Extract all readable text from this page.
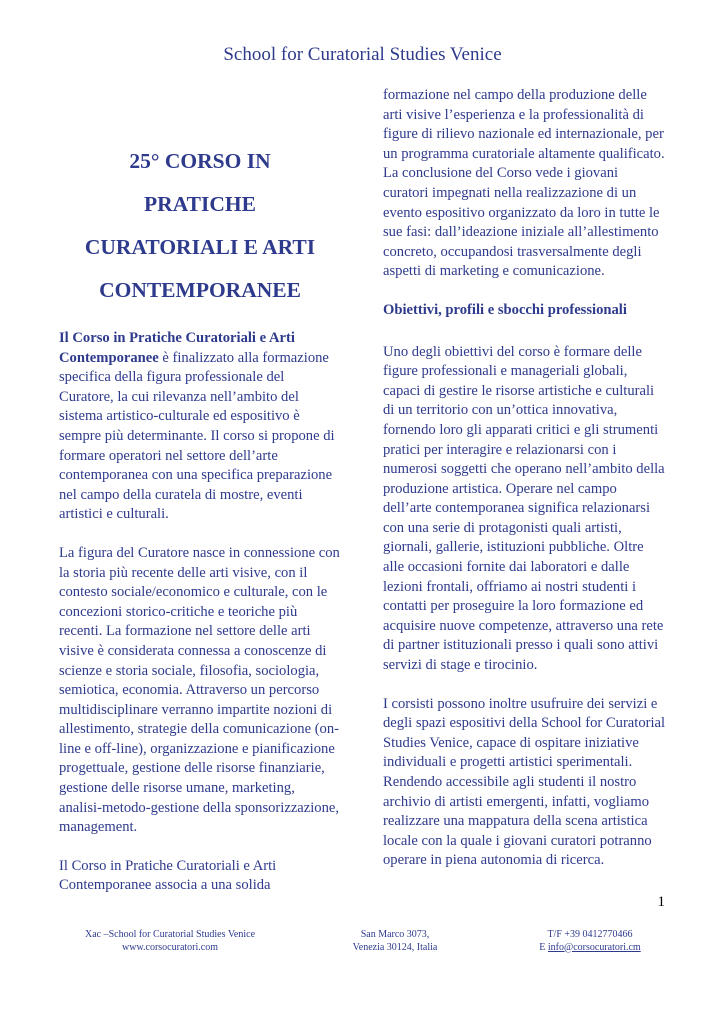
School for Curatorial Studies Venice
25° CORSO IN
PRATICHE
CURATORIALI E ARTI
CONTEMPORANEE

Il Corso in Pratiche Curatoriali e Arti Contemporanee è finalizzato alla formazione specifica della figura professionale del Curatore, la cui rilevanza nell’ambito del sistema artistico-culturale ed espositivo è sempre più determinante. Il corso si propone di formare operatori nel settore dell’arte contemporanea con una specifica preparazione nel campo della curatela di mostre, eventi artistici e culturali.

La figura del Curatore nasce in connessione con la storia più recente delle arti visive, con il contesto sociale/economico e culturale, con le concezioni storico-critiche e teoriche più recenti. La formazione nel settore delle arti visive è considerata connessa a conoscenze di scienze e storia sociale, filosofia, sociologia, semiotica, economia. Attraverso un percorso multidisciplinare verranno impartite nozioni di allestimento, strategie della comunicazione (on-line e off-line), organizzazione e pianificazione progettuale, gestione delle risorse finanziarie, gestione delle risorse umane, marketing, analisi-metodo-gestione della sponsorizzazione, management.

Il Corso in Pratiche Curatoriali e Arti Contemporanee associa a una solida

formazione nel campo della produzione delle arti visive l’esperienza e la professionalità di figure di rilievo nazionale ed internazionale, per un programma curatoriale altamente qualificato. La conclusione del Corso vede i giovani curatori impegnati nella realizzazione di un evento espositivo organizzato da loro in tutte le sue fasi: dall’ideazione iniziale all’allestimento concreto, occupandosi trasversalmente degli aspetti di marketing e comunicazione.

Obiettivi, profili e sbocchi professionali

Uno degli obiettivi del corso è formare delle figure professionali e manageriali globali, capaci di gestire le risorse artistiche e culturali di un territorio con un’ottica innovativa, fornendo loro gli apparati critici e gli strumenti pratici per interagire e relazionarsi con i numerosi soggetti che operano nell’ambito della produzione artistica. Operare nel campo dell’arte contemporanea significa relazionarsi con una serie di protagonisti quali artisti, giornali, gallerie, istituzioni pubbliche. Oltre alle occasioni fornite dai laboratori e dalle lezioni frontali, offriamo ai nostri studenti i contatti per proseguire la loro formazione ed acquisire nuove competenze, attraverso una rete di partner istituzionali presso i quali sono attivi servizi di stage e tirocinio.

I corsisti possono inoltre usufruire dei servizi e degli spazi espositivi della School for Curatorial Studies Venice, capace di ospitare iniziative individuali e progetti artistici sperimentali. Rendendo accessibile agli studenti il nostro archivio di artisti emergenti, infatti, vogliamo realizzare una mappatura della scena artistica locale con la quale i giovani curatori potranno operare in piena autonomia di ricerca.

1
Xac –School for Curatorial Studies Venice
www.corsocuratori.com
San Marco 3073,
Venezia 30124, Italia
T/F +39 0412770466
E info@corsocuratori.cm
